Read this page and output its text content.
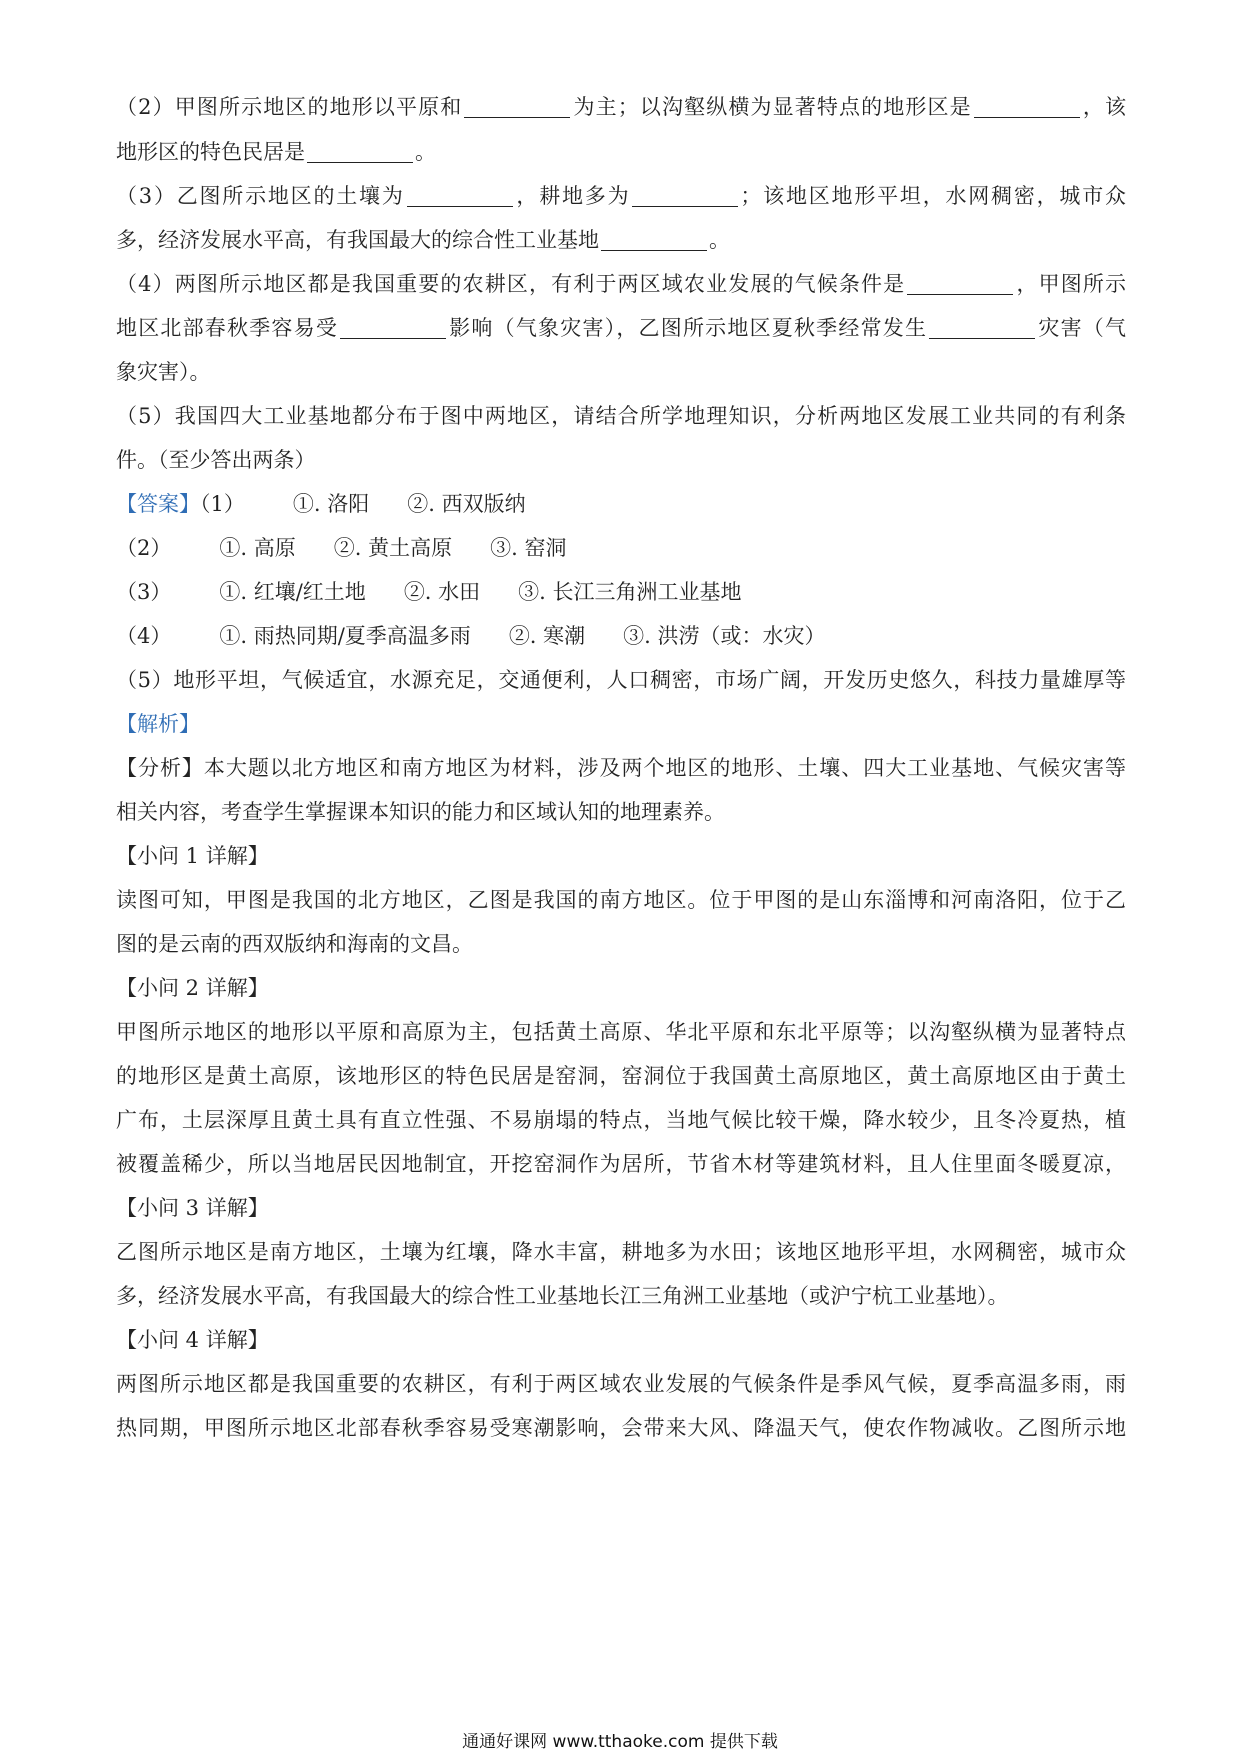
（2）甲图所示地区的地形以平原和	为主；以沟壑纵横为显著特点的地形区是	，该
地形区的特色民居是	。
（3）乙图所示地区的土壤为	，耕地多为	；该地区地形平坦，水网稠密，城市众
多，经济发展水平高，有我国最大的综合性工业基地	。
（4）两图所示地区都是我国重要的农耕区，有利于两区域农业发展的气候条件是	，甲图所示
地区北部春秋季容易受	影响（气象灾害），乙图所示地区夏秋季经常发生	灾害（气
象灾害）。
（5）我国四大工业基地都分布于图中两地区，请结合所学地理知识，分析两地区发展工业共同的有利条
件。（至少答出两条）
【答案】（1） ①. 洛阳 ②. 西双版纳
（2） ①. 高原 ②. 黄土高原 ③. 窑洞
（3） ①. 红壤/红土地 ②. 水田 ③. 长江三角洲工业基地
（4） ①. 雨热同期/夏季高温多雨 ②. 寒潮 ③. 洪涝（或：水灾）
（5）地形平坦，气候适宜，水源充足，交通便利，人口稠密，市场广阔，开发历史悠久，科技力量雄厚等
【解析】
【分析】本大题以北方地区和南方地区为材料，涉及两个地区的地形、土壤、四大工业基地、气候灾害等
相关内容，考查学生掌握课本知识的能力和区域认知的地理素养。
【小问 1 详解】
读图可知，甲图是我国的北方地区，乙图是我国的南方地区。位于甲图的是山东淄博和河南洛阳，位于乙
图的是云南的西双版纳和海南的文昌。
【小问 2 详解】
甲图所示地区的地形以平原和高原为主，包括黄土高原、华北平原和东北平原等；以沟壑纵横为显著特点
的地形区是黄土高原，该地形区的特色民居是窑洞，窑洞位于我国黄土高原地区，黄土高原地区由于黄土
广布，土层深厚且黄土具有直立性强、不易崩塌的特点，当地气候比较干燥，降水较少，且冬冷夏热，植
被覆盖稀少，所以当地居民因地制宜，开挖窑洞作为居所，节省木材等建筑材料，且人住里面冬暖夏凉，
【小问 3 详解】
乙图所示地区是南方地区，土壤为红壤，降水丰富，耕地多为水田；该地区地形平坦，水网稠密，城市众
多，经济发展水平高，有我国最大的综合性工业基地长江三角洲工业基地（或沪宁杭工业基地）。
【小问 4 详解】
两图所示地区都是我国重要的农耕区，有利于两区域农业发展的气候条件是季风气候，夏季高温多雨，雨
热同期，甲图所示地区北部春秋季容易受寒潮影响，会带来大风、降温天气，使农作物减收。乙图所示地
通通好课网 www.tthaoke.com 提供下载
